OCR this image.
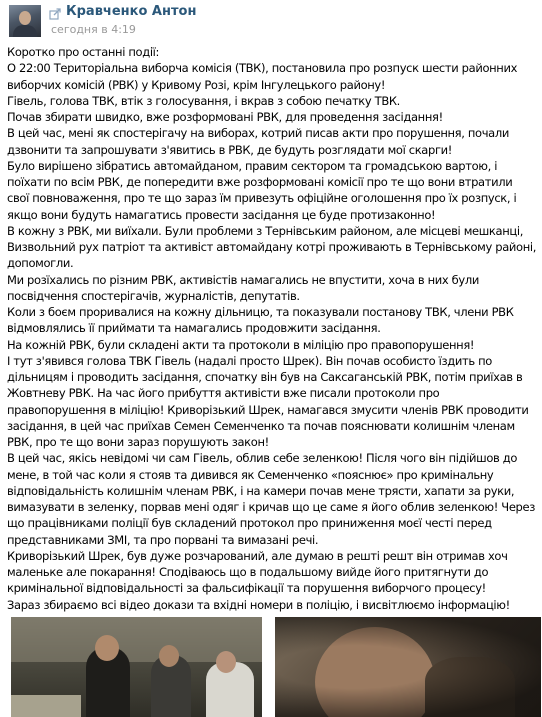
Кравченко Антон
сегодня в 4:19

Коротко про останні події:

О 22:00 Територіальна виборча комісія (ТВК), постановила про розпуск шести районних виборчих комісій (РВК) у Кривому Розі, крім Інгулецького району!

Гівель, голова ТВК, втік з голосування, і вкрав з собою печатку ТВК.

Почав збирати швидко, вже розформовані РВК, для проведення засідання!

В цей час, мені як спостерігачу на виборах, котрий писав акти про порушення, почали дзвонити та запрошувати з'явитись в РВК, де будуть розглядати мої скарги!

Було вирішено зібратись автомайданом, правим сектором та громадською вартою, і поїхати по всім РВК, де попередити вже розформовані комісії про те що вони втратили свої повноваження, про те що зараз їм привезуть офіційне оголошення про їх розпуск, і якщо вони будуть намагатись провести засідання це буде протизаконно!

В кожну з РВК, ми виїхали. Були проблеми з Тернівським районом, але місцеві мешканці, Визвольний рух патріот та активіст автомайдану котрі проживають в Тернівському районі, допомогли.

Ми розїхались по різним РВК, активістів намагались не впустити, хоча в них були посвідчення спостерігачів, журналістів, депутатів.

Коли з боєм проривалися на кожну дільницю, та показували постанову ТВК, члени РВК відмовлялись її приймати та намагались продовжити засідання.

На кожній РВК, були складені акти та протоколи в міліцію про правопорушення!

І тут з'явився голова ТВК Гівель (надалі просто Шрек). Він почав особисто їздить по дільницям і проводить засідання, спочатку він був на Саксаганській РВК, потім приїхав в Жовтневу РВК. На час його прибуття активісти вже писали протоколи про правопорушення в міліцію! Криворізький Шрек, намагався змусити членів РВК проводити засідання, в цей час приїхав Семен Семенченко та почав пояснювати колишнім членам РВК, про те що вони зараз порушують закон!

В цей час, якісь невідомі чи сам Гівель, облив себе зеленкою! Після чого він підійшов до мене, в той час коли я стояв та дивився як Семенченко «пояснює» про кримінальну відповідальність колишнім членам РВК, і на камери почав мене трясти, хапати за руки, вимазувати в зеленку, порвав мені одяг і кричав що це саме я його облив зеленкою! Через що працівниками поліції був складений протокол про приниження моєї честі перед представниками ЗМІ, та про порвані та вимазані речі.

Криворізький Шрек, був дуже розчарований, але думаю в решті решт він отримав хоч маленьке але покарання! Сподіваюсь що в подальшому вийде його притягнути до кримінальної відповідальності за фальсифікації та порушення виборчого процесу!

Зараз збираємо всі відео докази та вхідні номери в поліцію, і висвітлюємо інформацію!
